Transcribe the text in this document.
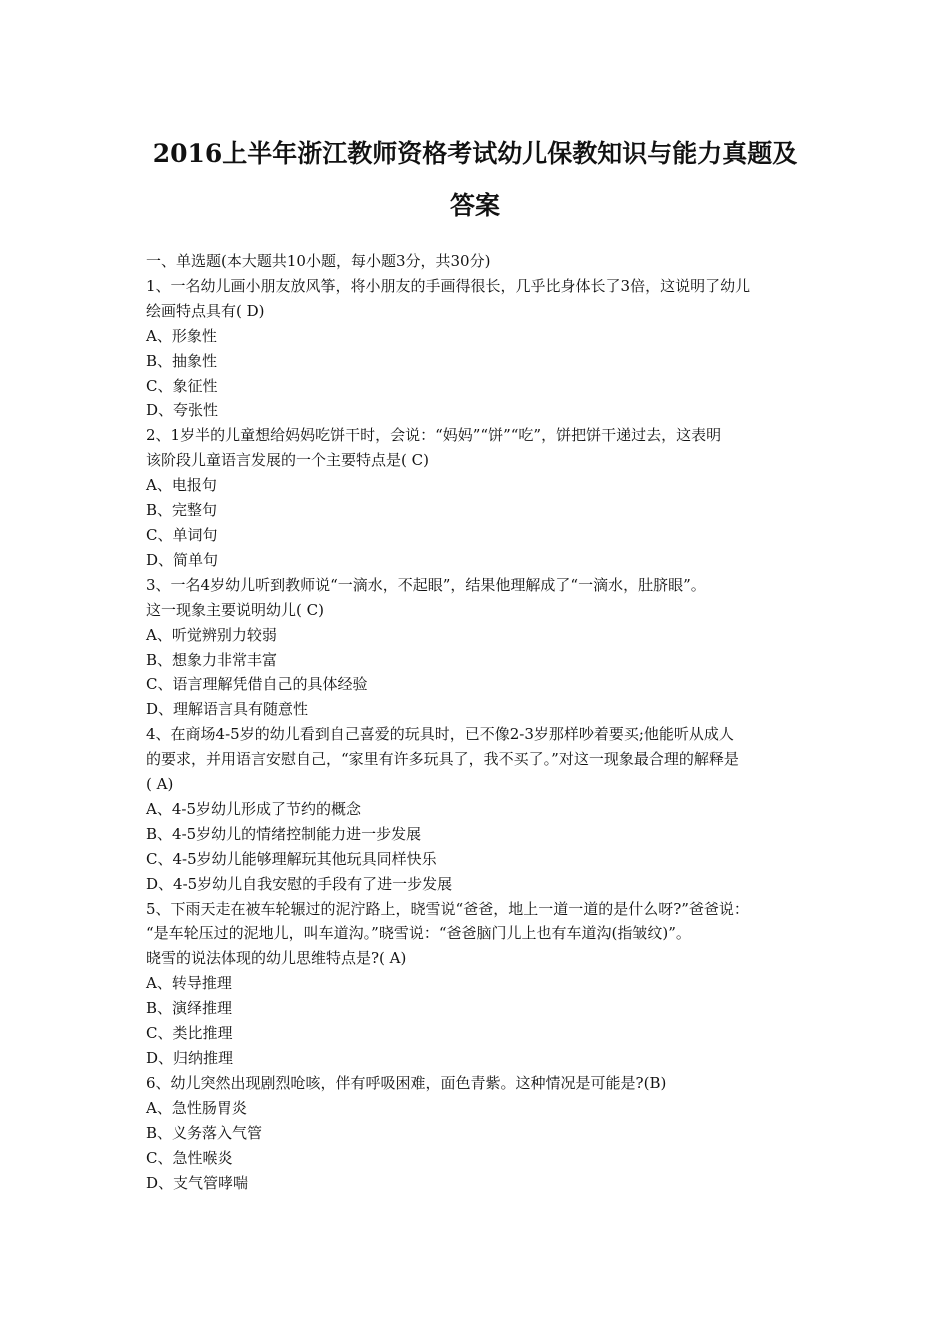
2016上半年浙江教师资格考试幼儿保教知识与能力真题及
答案
一、单选题(本大题共10小题，每小题3分，共30分)
1、一名幼儿画小朋友放风筝，将小朋友的手画得很长，几乎比身体长了3倍，这说明了幼儿
绘画特点具有( D)
A、形象性
B、抽象性
C、象征性
D、夸张性
2、1岁半的儿童想给妈妈吃饼干时，会说：“妈妈”“饼”“吃”，饼把饼干递过去，这表明
该阶段儿童语言发展的一个主要特点是( C)
A、电报句
B、完整句
C、单词句
D、简单句
3、一名4岁幼儿听到教师说“一滴水，不起眼”，结果他理解成了“一滴水，肚脐眼”。
这一现象主要说明幼儿( C)
A、听觉辨别力较弱
B、想象力非常丰富
C、语言理解凭借自己的具体经验
D、理解语言具有随意性
4、在商场4-5岁的幼儿看到自己喜爱的玩具时，已不像2-3岁那样吵着要买;他能听从成人
的要求，并用语言安慰自己，“家里有许多玩具了，我不买了。”对这一现象最合理的解释是
( A)
A、4-5岁幼儿形成了节约的概念
B、4-5岁幼儿的情绪控制能力进一步发展
C、4-5岁幼儿能够理解玩其他玩具同样快乐
D、4-5岁幼儿自我安慰的手段有了进一步发展
5、下雨天走在被车轮辗过的泥泞路上，晓雪说“爸爸，地上一道一道的是什么呀?”爸爸说：
“是车轮压过的泥地儿，叫车道沟。”晓雪说：“爸爸脑门儿上也有车道沟(指皱纹)”。
晓雪的说法体现的幼儿思维特点是?( A)
A、转导推理
B、演绎推理
C、类比推理
D、归纳推理
6、幼儿突然出现剧烈呛咳，伴有呼吸困难，面色青紫。这种情况是可能是?(B)
A、急性肠胃炎
B、义务落入气管
C、急性喉炎
D、支气管哮喘
